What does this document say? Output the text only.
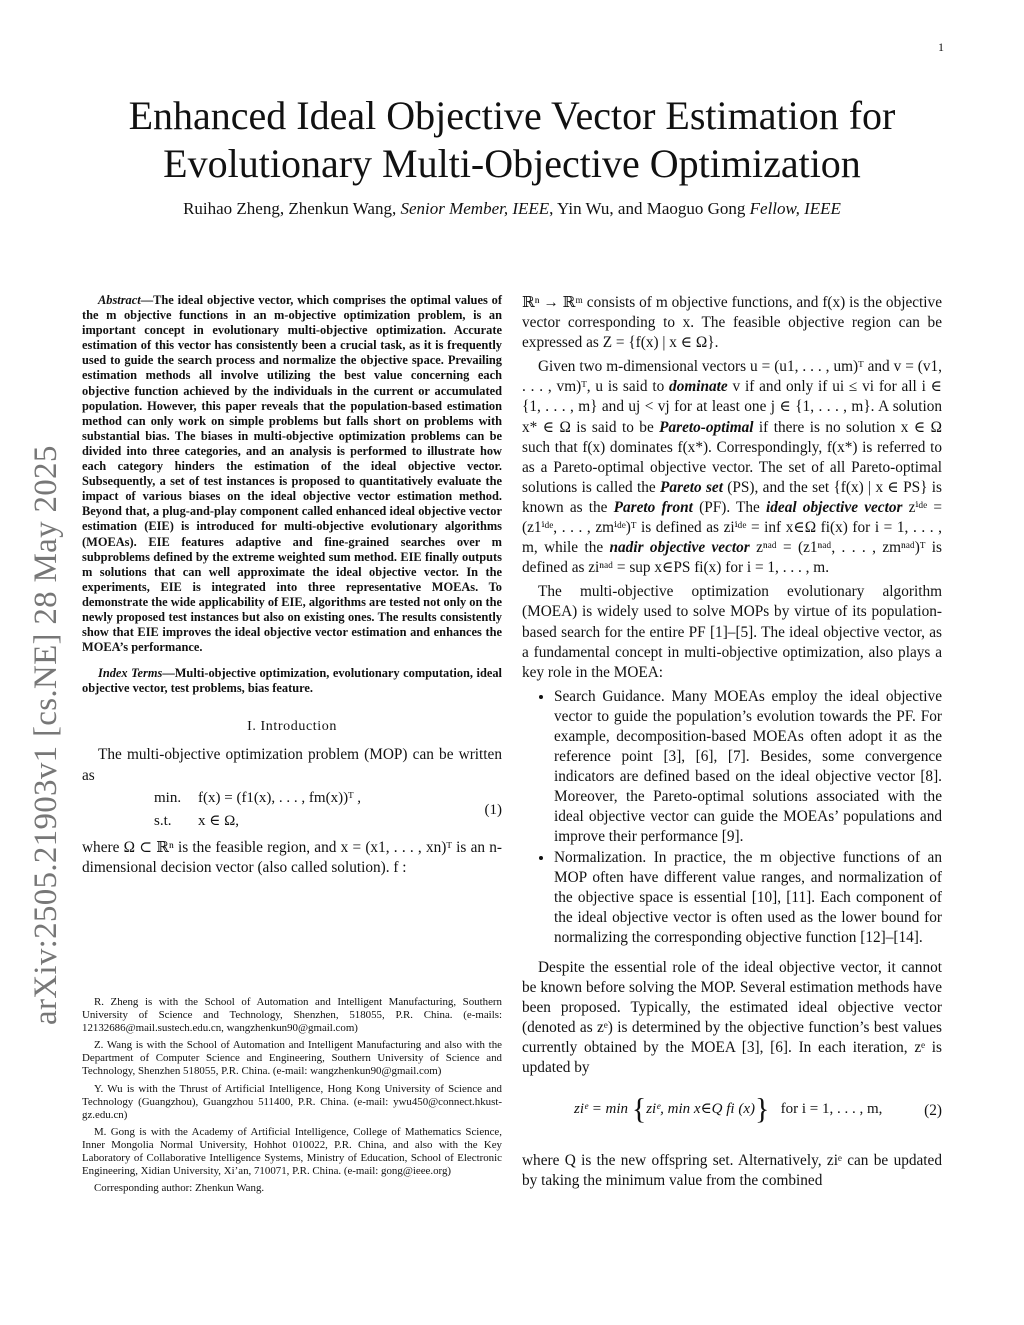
1
arXiv:2505.21903v1 [cs.NE] 28 May 2025
Enhanced Ideal Objective Vector Estimation for Evolutionary Multi-Objective Optimization
Ruihao Zheng, Zhenkun Wang, Senior Member, IEEE, Yin Wu, and Maoguo Gong Fellow, IEEE

Abstract—The ideal objective vector, which comprises the optimal values of the m objective functions in an m-objective optimization problem, is an important concept in evolutionary multi-objective optimization. Accurate estimation of this vector has consistently been a crucial task, as it is frequently used to guide the search process and normalize the objective space. Prevailing estimation methods all involve utilizing the best value concerning each objective function achieved by the individuals in the current or accumulated population. However, this paper reveals that the population-based estimation method can only work on simple problems but falls short on problems with substantial bias. The biases in multi-objective optimization problems can be divided into three categories, and an analysis is performed to illustrate how each category hinders the estimation of the ideal objective vector. Subsequently, a set of test instances is proposed to quantitatively evaluate the impact of various biases on the ideal objective vector estimation method. Beyond that, a plug-and-play component called enhanced ideal objective vector estimation (EIE) is introduced for multi-objective evolutionary algorithms (MOEAs). EIE features adaptive and fine-grained searches over m subproblems defined by the extreme weighted sum method. EIE finally outputs m solutions that can well approximate the ideal objective vector. In the experiments, EIE is integrated into three representative MOEAs. To demonstrate the wide applicability of EIE, algorithms are tested not only on the newly proposed test instances but also on existing ones. The results consistently show that EIE improves the ideal objective vector estimation and enhances the MOEA’s performance.

Index Terms—Multi-objective optimization, evolutionary computation, ideal objective vector, test problems, bias feature.

I. Introduction

The multi-objective optimization problem (MOP) can be written as

min. f(x) = (f1(x), . . . , fm(x))ᵀ ,
s.t. x ∈ Ω,
(1)

where Ω ⊂ ℝⁿ is the feasible region, and x = (x1, . . . , xn)ᵀ is an n-dimensional decision vector (also called solution). f :

R. Zheng is with the School of Automation and Intelligent Manufacturing, Southern University of Science and Technology, Shenzhen, 518055, P.R. China. (e-mails: 12132686@mail.sustech.edu.cn, wangzhenkun90@gmail.com)

Z. Wang is with the School of Automation and Intelligent Manufacturing and also with the Department of Computer Science and Engineering, Southern University of Science and Technology, Shenzhen 518055, P.R. China. (e-mail: wangzhenkun90@gmail.com)

Y. Wu is with the Thrust of Artificial Intelligence, Hong Kong University of Science and Technology (Guangzhou), Guangzhou 511400, P.R. China. (e-mail: ywu450@connect.hkust-gz.edu.cn)

M. Gong is with the Academy of Artificial Intelligence, College of Mathematics Science, Inner Mongolia Normal University, Hohhot 010022, P.R. China, and also with the Key Laboratory of Collaborative Intelligence Systems, Ministry of Education, School of Electronic Engineering, Xidian University, Xi’an, 710071, P.R. China. (e-mail: gong@ieee.org)

Corresponding author: Zhenkun Wang.

ℝⁿ → ℝᵐ consists of m objective functions, and f(x) is the objective vector corresponding to x. The feasible objective region can be expressed as Z = {f(x) | x ∈ Ω}.

Given two m-dimensional vectors u = (u1, . . . , um)ᵀ and v = (v1, . . . , vm)ᵀ, u is said to dominate v if and only if ui ≤ vi for all i ∈ {1, . . . , m} and uj < vj for at least one j ∈ {1, . . . , m}. A solution x* ∈ Ω is said to be Pareto-optimal if there is no solution x ∈ Ω such that f(x) dominates f(x*). Correspondingly, f(x*) is referred to as a Pareto-optimal objective vector. The set of all Pareto-optimal solutions is called the Pareto set (PS), and the set {f(x) | x ∈ PS} is known as the Pareto front (PF). The ideal objective vector zⁱᵈᵉ = (z1ⁱᵈᵉ, . . . , zmⁱᵈᵉ)ᵀ is defined as ziⁱᵈᵉ = inf x∈Ω fi(x) for i = 1, . . . , m, while the nadir objective vector zⁿᵃᵈ = (z1ⁿᵃᵈ, . . . , zmⁿᵃᵈ)ᵀ is defined as ziⁿᵃᵈ = sup x∈PS fi(x) for i = 1, . . . , m.

The multi-objective optimization evolutionary algorithm (MOEA) is widely used to solve MOPs by virtue of its population-based search for the entire PF [1]–[5]. The ideal objective vector, as a fundamental concept in multi-objective optimization, also plays a key role in the MOEA:

• Search Guidance. Many MOEAs employ the ideal objective vector to guide the population’s evolution towards the PF. For example, decomposition-based MOEAs often adopt it as the reference point [3], [6], [7]. Besides, some convergence indicators are defined based on the ideal objective vector [8]. Moreover, the Pareto-optimal solutions associated with the ideal objective vector can guide the MOEAs’ populations and improve their performance [9].
• Normalization. In practice, the m objective functions of an MOP often have different value ranges, and normalization of the objective space is essential [10], [11]. Each component of the ideal objective vector is often used as the lower bound for normalizing the corresponding objective function [12]–[14].

Despite the essential role of the ideal objective vector, it cannot be known before solving the MOP. Several estimation methods have been proposed. Typically, the estimated ideal objective vector (denoted as zᵉ) is determined by the objective function’s best values currently obtained by the MOEA [3], [6]. In each iteration, zᵉ is updated by

ziᵉ = min {ziᵉ, min x∈Q fi (x)} for i = 1, . . . , m,	(2)

where Q is the new offspring set. Alternatively, ziᵉ can be updated by taking the minimum value from the combined
